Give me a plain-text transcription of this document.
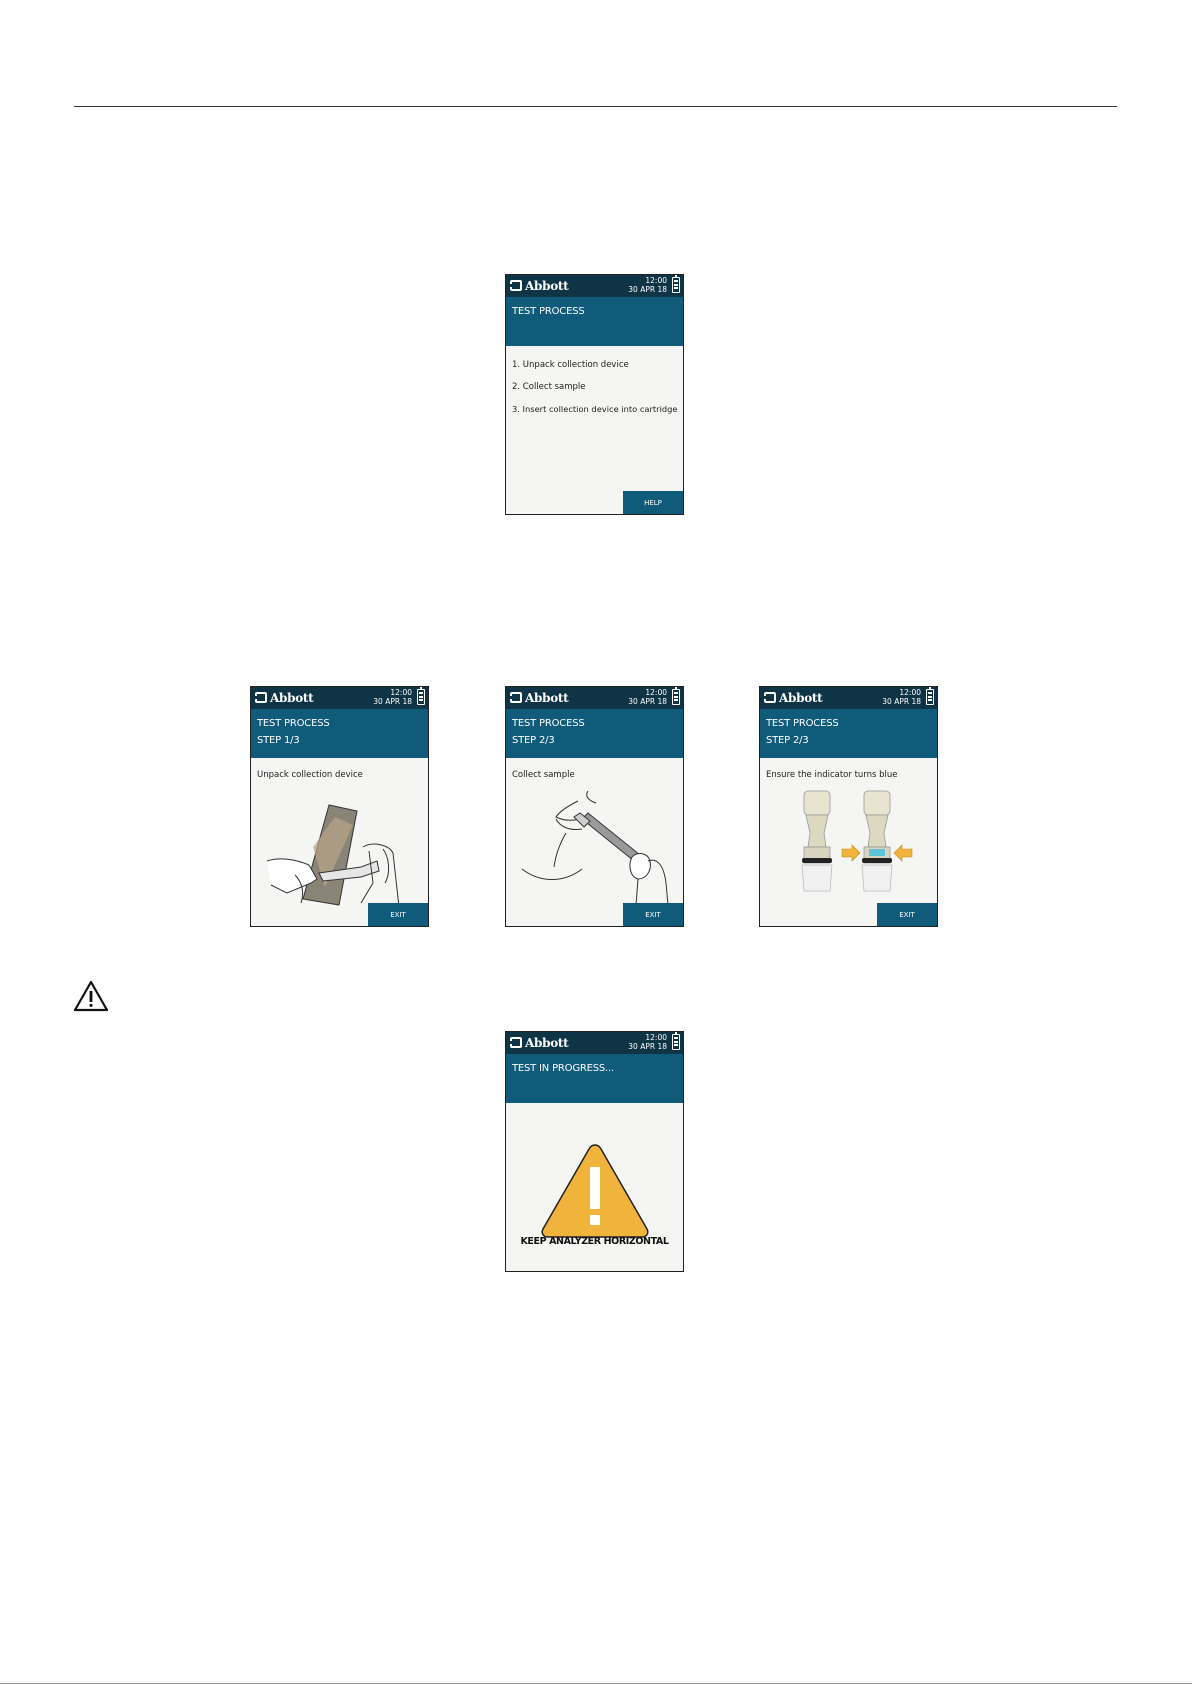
Abbott	12:00
30 APR 18
TEST PROCESS
1. Unpack collection device
2. Collect sample
3. Insert collection device into cartridge
HELP
Abbott	12:00
30 APR 18
TEST PROCESS
STEP 1/3
Unpack collection device
EXIT
Abbott	12:00
30 APR 18
TEST PROCESS
STEP 2/3
Collect sample
EXIT
Abbott	12:00
30 APR 18
TEST PROCESS
STEP 2/3
Ensure the indicator turns blue
EXIT
Abbott	12:00
30 APR 18
TEST IN PROGRESS...
KEEP ANALYZER HORIZONTAL
